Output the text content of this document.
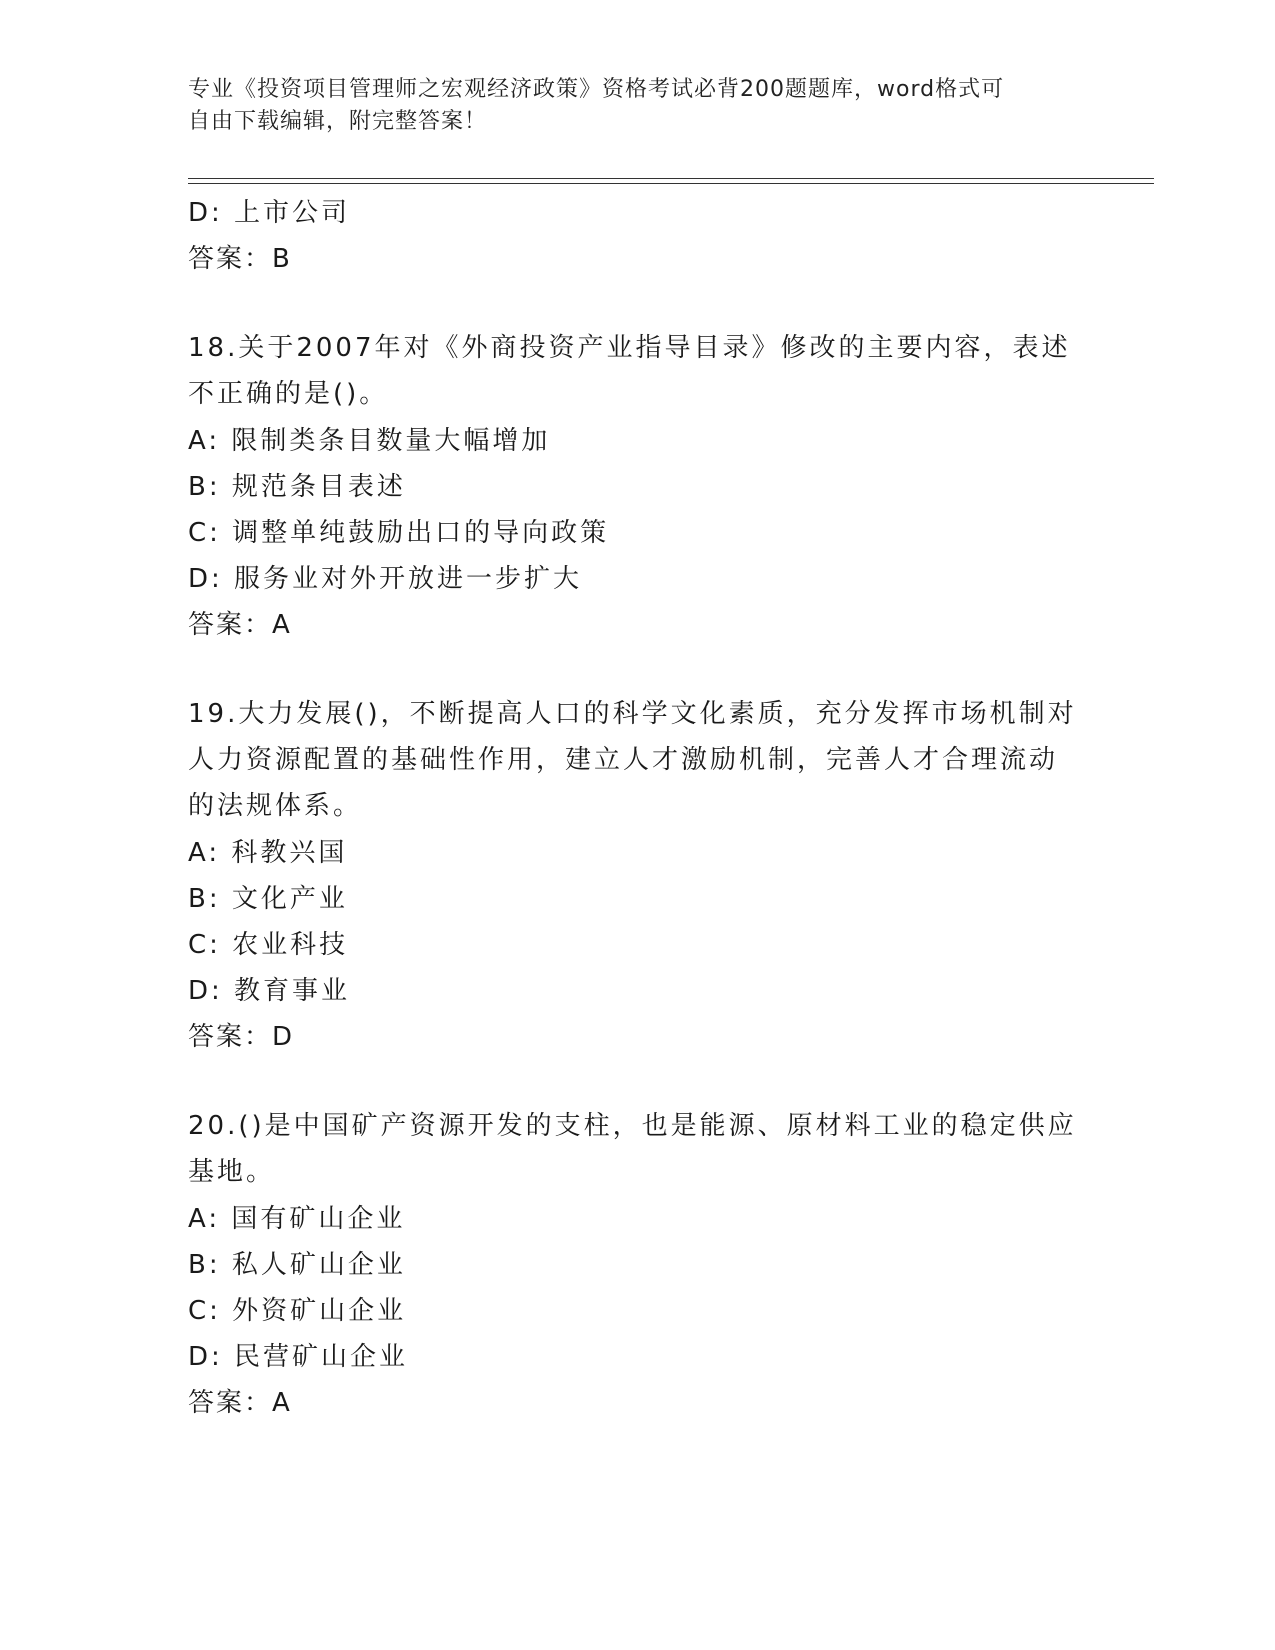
专业《投资项目管理师之宏观经济政策》资格考试必背200题题库，word格式可
自由下载编辑，附完整答案！
D: 上市公司
答案：B
18.关于2007年对《外商投资产业指导目录》修改的主要内容，表述
不正确的是()。
A: 限制类条目数量大幅增加
B: 规范条目表述
C: 调整单纯鼓励出口的导向政策
D: 服务业对外开放进一步扩大
答案：A
19.大力发展()，不断提高人口的科学文化素质，充分发挥市场机制对
人力资源配置的基础性作用，建立人才激励机制，完善人才合理流动
的法规体系。
A: 科教兴国
B: 文化产业
C: 农业科技
D: 教育事业
答案：D
20.()是中国矿产资源开发的支柱，也是能源、原材料工业的稳定供应
基地。
A: 国有矿山企业
B: 私人矿山企业
C: 外资矿山企业
D: 民营矿山企业
答案：A
